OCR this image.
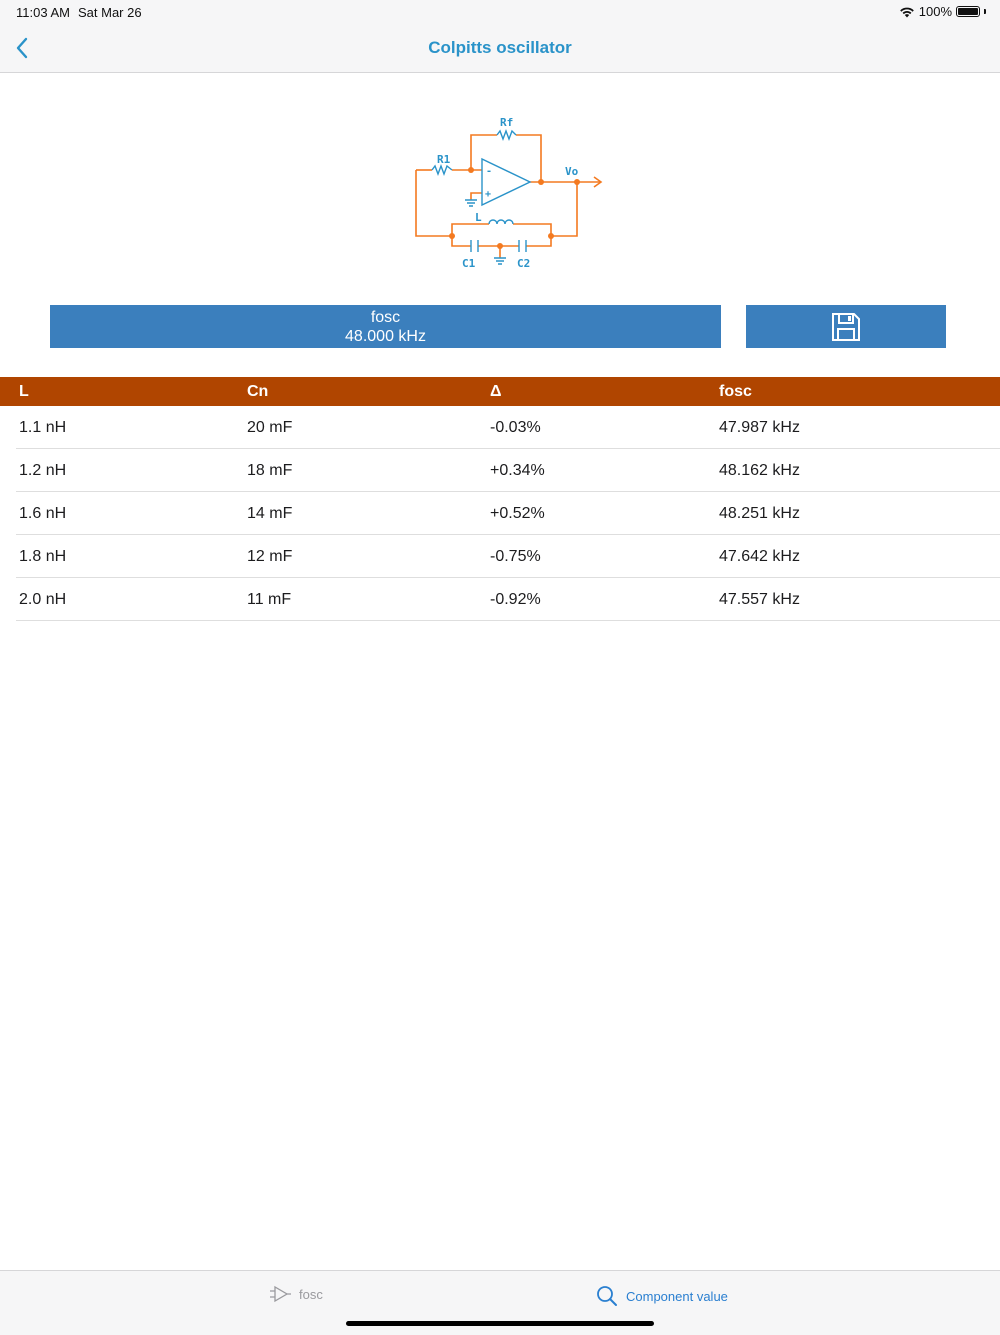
11:03 AM Sat Mar 26	100%
Colpitts oscillator
Rf
R1
Vo
L
C1	C2
-
+
fosc
48.000 kHz
L	Cn	Δ	fosc
1.1 nH	20 mF	-0.03%	47.987 kHz
1.2 nH	18 mF	+0.34%	48.162 kHz
1.6 nH	14 mF	+0.52%	48.251 kHz
1.8 nH	12 mF	-0.75%	47.642 kHz
2.0 nH	11 mF	-0.92%	47.557 kHz
fosc	Component value
